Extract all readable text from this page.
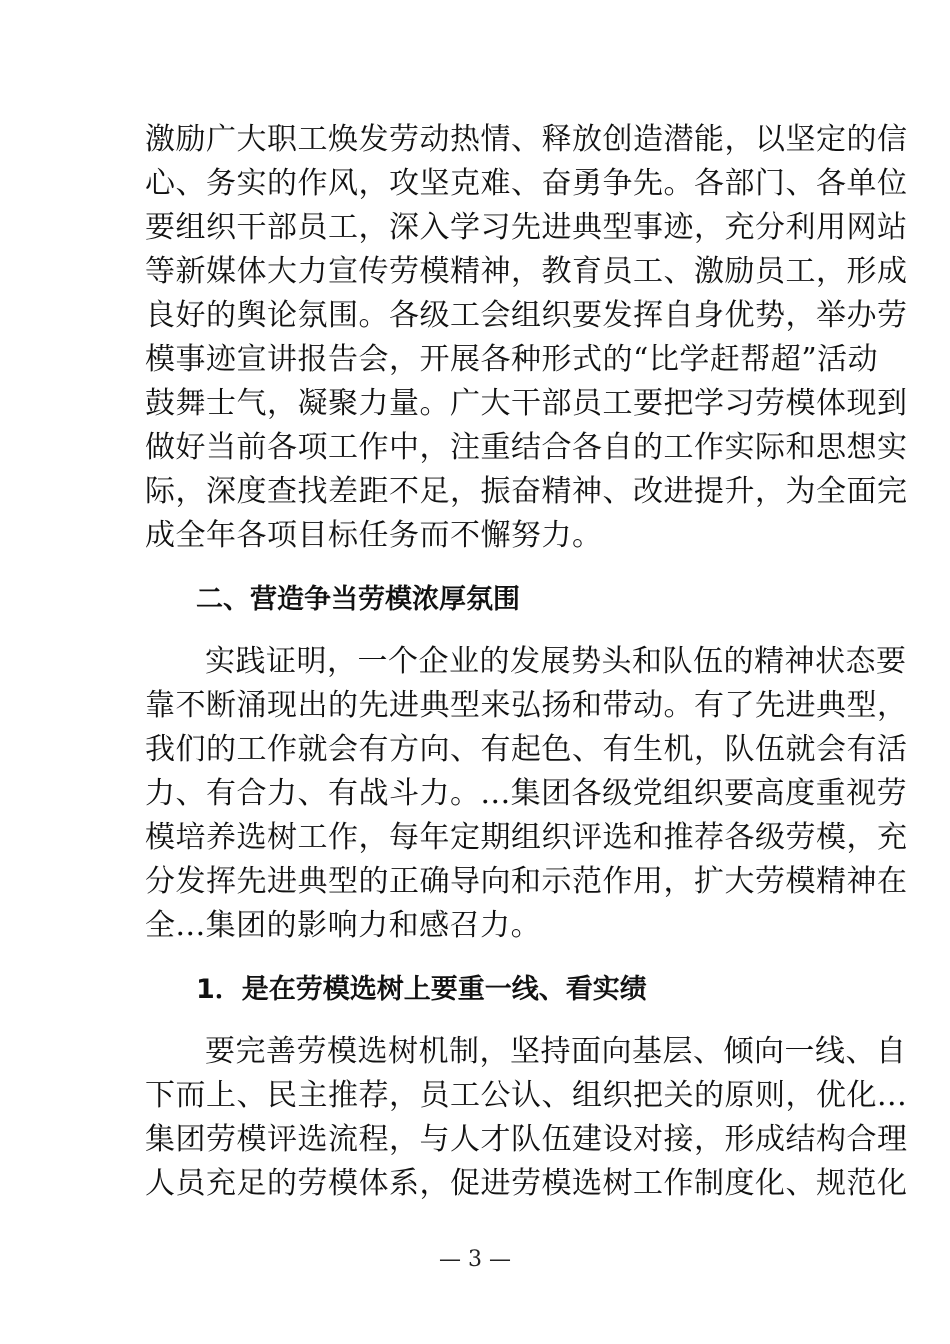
激励广大职工焕发劳动热情、释放创造潜能，以坚定的信
心、务实的作风，攻坚克难、奋勇争先。各部门、各单位
要组织干部员工，深入学习先进典型事迹，充分利用网站
等新媒体大力宣传劳模精神，教育员工、激励员工，形成
良好的舆论氛围。各级工会组织要发挥自身优势，举办劳
模事迹宣讲报告会，开展各种形式的“比学赶帮超”活动
鼓舞士气，凝聚力量。广大干部员工要把学习劳模体现到
做好当前各项工作中，注重结合各自的工作实际和思想实
际，深度查找差距不足，振奋精神、改进提升，为全面完
成全年各项目标任务而不懈努力。
二、营造争当劳模浓厚氛围
实践证明，一个企业的发展势头和队伍的精神状态要
靠不断涌现出的先进典型来弘扬和带动。有了先进典型，
我们的工作就会有方向、有起色、有生机，队伍就会有活
力、有合力、有战斗力。...集团各级党组织要高度重视劳
模培养选树工作，每年定期组织评选和推荐各级劳模，充
分发挥先进典型的正确导向和示范作用，扩大劳模精神在
全...集团的影响力和感召力。
1．是在劳模选树上要重一线、看实绩
要完善劳模选树机制，坚持面向基层、倾向一线、自
下而上、民主推荐，员工公认、组织把关的原则，优化...
集团劳模评选流程，与人才队伍建设对接，形成结构合理
人员充足的劳模体系，促进劳模选树工作制度化、规范化
— 3 —
